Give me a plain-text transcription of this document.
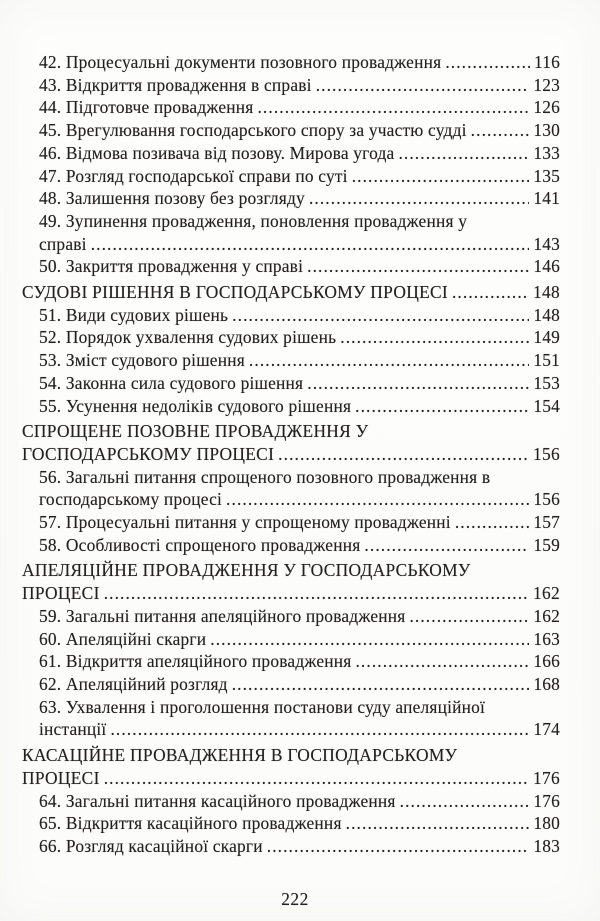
42. Процесуальні документи позовного провадження .....	116
43. Відкриття провадження в справі .....	123
44. Підготовче провадження .....	126
45. Врегулювання господарського спору за участю судді .....	130
46. Відмова позивача від позову. Мирова угода .....	133
47. Розгляд господарської справи по суті .....	135
48. Залишення позову без розгляду .....	141
49. Зупинення провадження, поновлення провадження у
справі .....	143
50. Закриття провадження у справі .....	146
СУДОВІ РІШЕННЯ В ГОСПОДАРСЬКОМУ ПРОЦЕСІ .....	148
51. Види судових рішень .....	148
52. Порядок ухвалення судових рішень .....	149
53. Зміст судового рішення .....	151
54. Законна сила судового рішення .....	153
55. Усунення недоліків судового рішення .....	154
СПРОЩЕНЕ ПОЗОВНЕ ПРОВАДЖЕННЯ У
ГОСПОДАРСЬКОМУ ПРОЦЕСІ .....	156
56. Загальні питання спрощеного позовного провадження в
господарському процесі .....	156
57. Процесуальні питання у спрощеному провадженні .....	157
58. Особливості спрощеного провадження .....	159
АПЕЛЯЦІЙНЕ ПРОВАДЖЕННЯ У ГОСПОДАРСЬКОМУ
ПРОЦЕСІ .....	162
59. Загальні питання апеляційного провадження .....	162
60. Апеляційні скарги .....	163
61. Відкриття апеляційного провадження .....	166
62. Апеляційний розгляд .....	168
63. Ухвалення і проголошення постанови суду апеляційної
інстанції .....	174
КАСАЦІЙНЕ ПРОВАДЖЕННЯ В ГОСПОДАРСЬКОМУ
ПРОЦЕСІ .....	176
64. Загальні питання касаційного провадження .....	176
65. Відкриття касаційного провадження .....	180
66. Розгляд касаційної скарги .....	183
222
